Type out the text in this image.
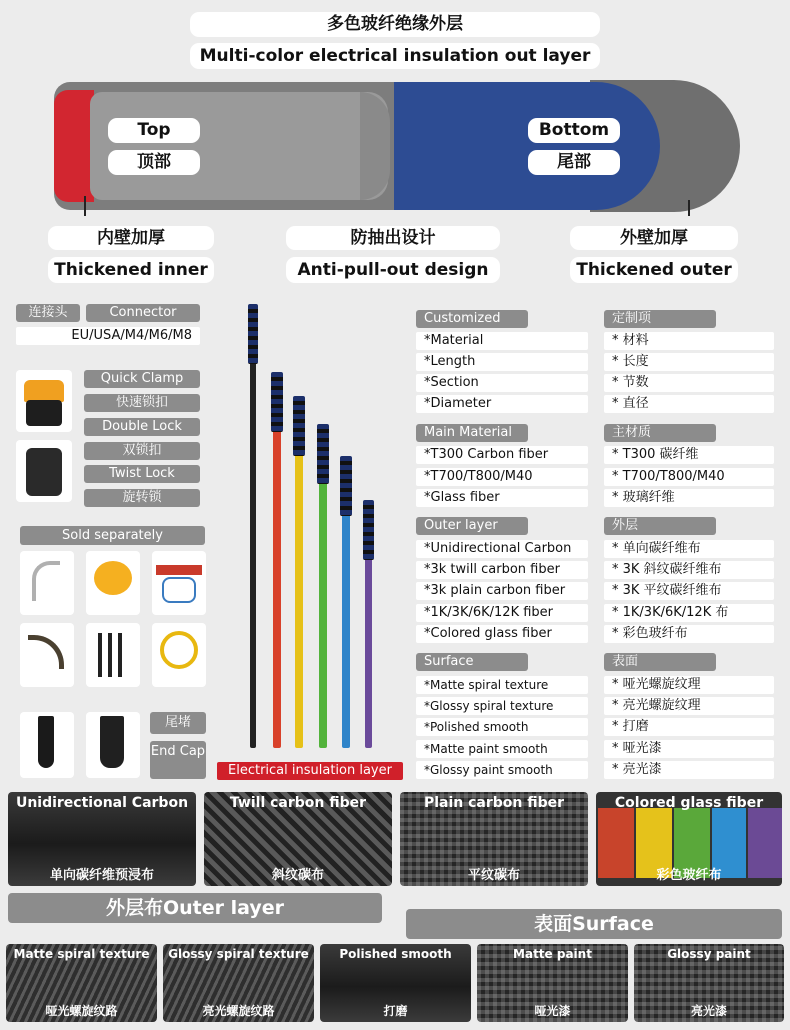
多色玻纤绝缘外层
Multi-color electrical insulation out layer
Top
顶部
Bottom
尾部
内壁加厚
Thickened inner
防抽出设计
Anti-pull-out design
外壁加厚
Thickened outer
连接头	Connector
EU/USA/M4/M6/M8
Quick Clamp
快速锁扣
Double Lock
双锁扣
Twist Lock
旋转锁
Sold separately
尾堵
End Cap
Electrical insulation layer
Customized
*Material
*Length
*Section
*Diameter
Main Material
*T300 Carbon fiber
*T700/T800/M40
*Glass fiber
Outer layer
*Unidirectional Carbon
*3k twill carbon fiber
*3k plain carbon fiber
*1K/3K/6K/12K fiber
*Colored glass fiber
Surface
*Matte spiral texture
*Glossy spiral texture
*Polished smooth
*Matte paint smooth
*Glossy paint smooth
定制项
* 材料
* 长度
* 节数
* 直径
主材质
* T300 碳纤维
* T700/T800/M40
* 玻璃纤维
外层
* 单向碳纤维布
* 3K 斜纹碳纤维布
* 3K 平纹碳纤维布
* 1K/3K/6K/12K 布
* 彩色玻纤布
表面
* 哑光螺旋纹理
* 亮光螺旋纹理
* 打磨
* 哑光漆
* 亮光漆
Unidirectional Carbon
单向碳纤维预浸布
Twill carbon fiber
斜纹碳布
Plain carbon fiber
平纹碳布
Colored glass fiber
彩色玻纤布
外层布Outer layer
表面Surface
Matte spiral texture
哑光螺旋纹路
Glossy spiral texture
亮光螺旋纹路
Polished smooth
打磨
Matte paint
哑光漆
Glossy paint
亮光漆
